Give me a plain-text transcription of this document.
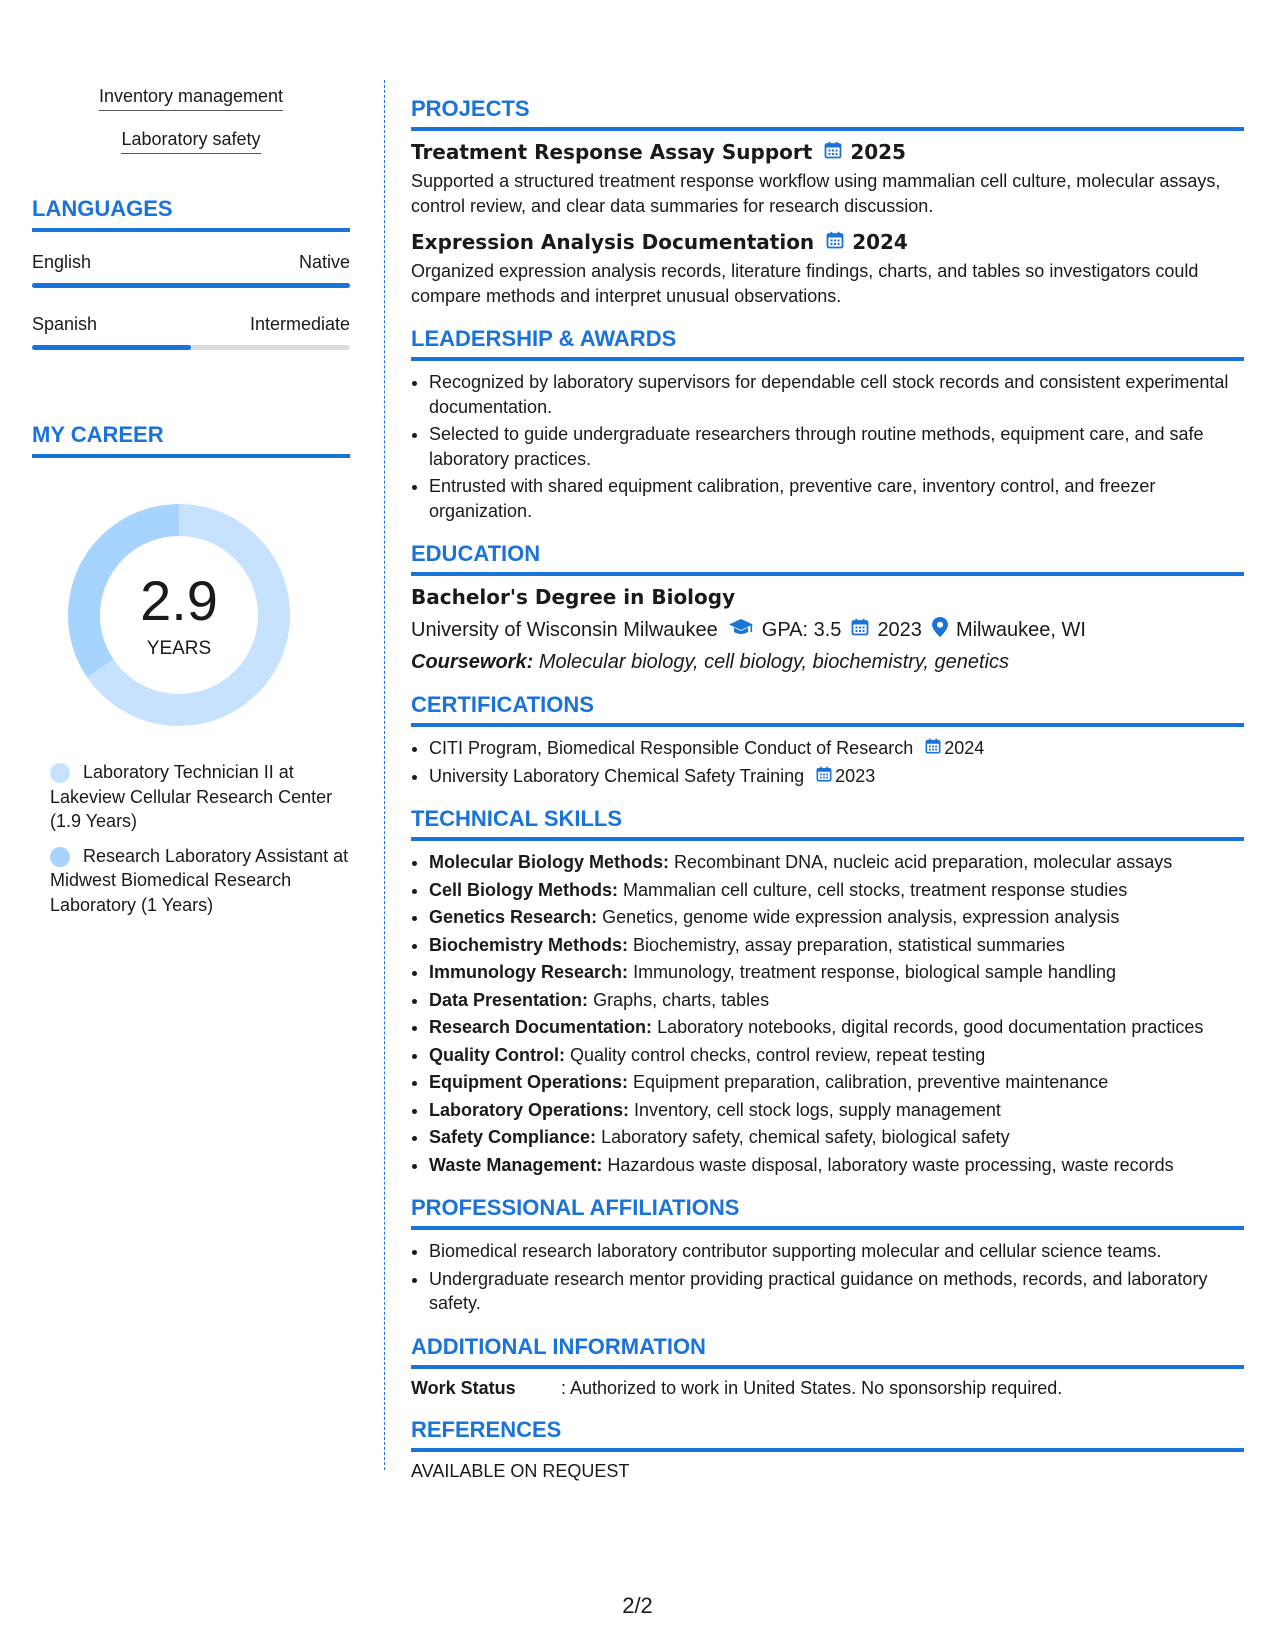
Inventory management
Laboratory safety
LANGUAGES
English	Native
Spanish	Intermediate
MY CAREER
2.9
YEARS
Laboratory Technician II at Lakeview Cellular Research Center (1.9 Years)
Research Laboratory Assistant at Midwest Biomedical Research Laboratory (1 Years)
PROJECTS
Treatment Response Assay Support 2025
Supported a structured treatment response workflow using mammalian cell culture, molecular assays, control review, and clear data summaries for research discussion.
Expression Analysis Documentation 2024
Organized expression analysis records, literature findings, charts, and tables so investigators could compare methods and interpret unusual observations.
LEADERSHIP & AWARDS
• Recognized by laboratory supervisors for dependable cell stock records and consistent experimental documentation.
• Selected to guide undergraduate researchers through routine methods, equipment care, and safe laboratory practices.
• Entrusted with shared equipment calibration, preventive care, inventory control, and freezer organization.
EDUCATION
Bachelor's Degree in Biology
University of Wisconsin Milwaukee GPA: 3.5 2023 Milwaukee, WI
Coursework: Molecular biology, cell biology, biochemistry, genetics
CERTIFICATIONS
• CITI Program, Biomedical Responsible Conduct of Research 2024
• University Laboratory Chemical Safety Training 2023
TECHNICAL SKILLS
• Molecular Biology Methods: Recombinant DNA, nucleic acid preparation, molecular assays
• Cell Biology Methods: Mammalian cell culture, cell stocks, treatment response studies
• Genetics Research: Genetics, genome wide expression analysis, expression analysis
• Biochemistry Methods: Biochemistry, assay preparation, statistical summaries
• Immunology Research: Immunology, treatment response, biological sample handling
• Data Presentation: Graphs, charts, tables
• Research Documentation: Laboratory notebooks, digital records, good documentation practices
• Quality Control: Quality control checks, control review, repeat testing
• Equipment Operations: Equipment preparation, calibration, preventive maintenance
• Laboratory Operations: Inventory, cell stock logs, supply management
• Safety Compliance: Laboratory safety, chemical safety, biological safety
• Waste Management: Hazardous waste disposal, laboratory waste processing, waste records
PROFESSIONAL AFFILIATIONS
• Biomedical research laboratory contributor supporting molecular and cellular science teams.
• Undergraduate research mentor providing practical guidance on methods, records, and laboratory safety.
ADDITIONAL INFORMATION
Work Status	: Authorized to work in United States. No sponsorship required.
REFERENCES
AVAILABLE ON REQUEST
2/2
